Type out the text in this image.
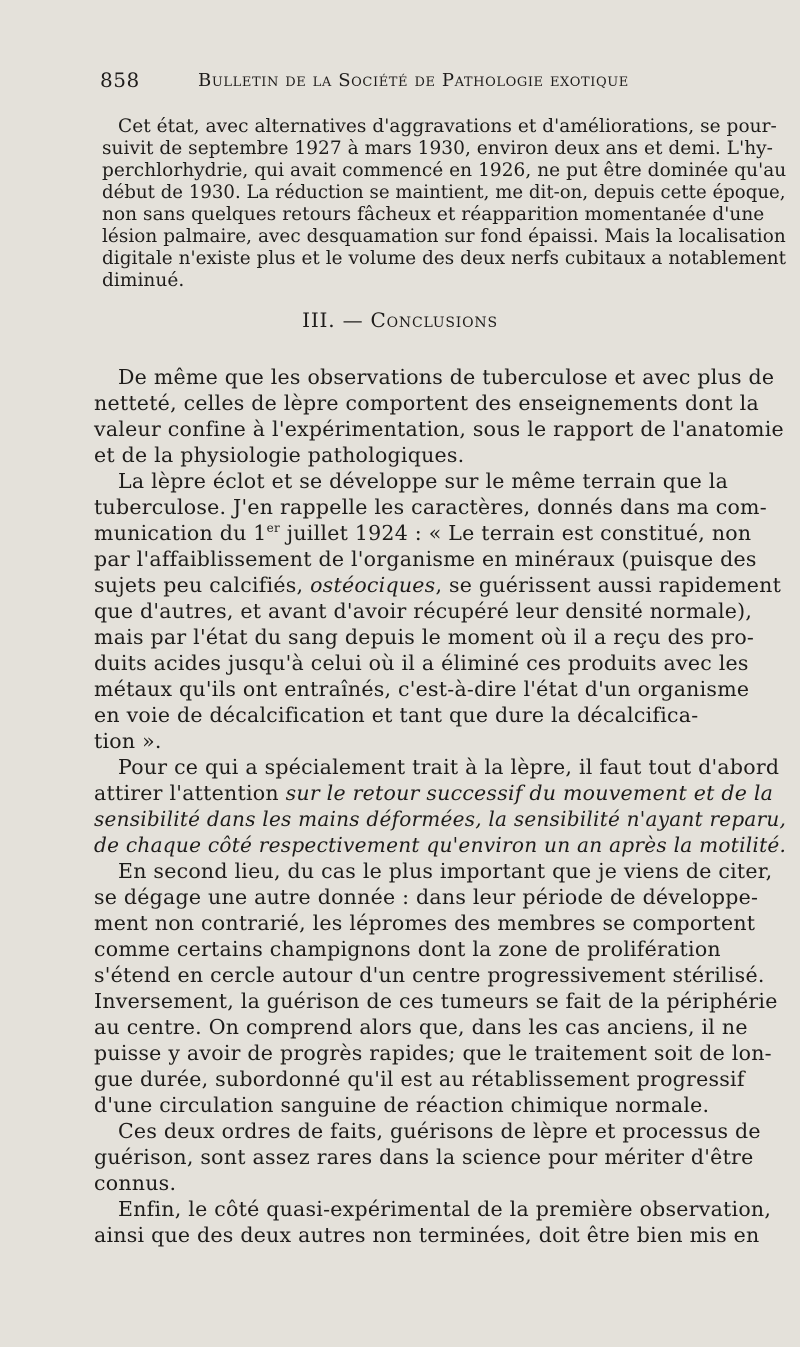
858	Bulletin de la Société de Pathologie exotique
Cet état, avec alternatives d'aggravations et d'améliorations, se pour-
suivit de septembre 1927 à mars 1930, environ deux ans et demi. L'hy-
perchlorhydrie, qui avait commencé en 1926, ne put être dominée qu'au
début de 1930. La réduction se maintient, me dit-on, depuis cette époque,
non sans quelques retours fâcheux et réapparition momentanée d'une
lésion palmaire, avec desquamation sur fond épaissi. Mais la localisation
digitale n'existe plus et le volume des deux nerfs cubitaux a notablement
diminué.
III. — Conclusions
De même que les observations de tuberculose et avec plus de
netteté, celles de lèpre comportent des enseignements dont la
valeur confine à l'expérimentation, sous le rapport de l'anatomie
et de la physiologie pathologiques.
La lèpre éclot et se développe sur le même terrain que la
tuberculose. J'en rappelle les caractères, donnés dans ma com-
munication du 1er juillet 1924 : « Le terrain est constitué, non
par l'affaiblissement de l'organisme en minéraux (puisque des
sujets peu calcifiés, ostéociques, se guérissent aussi rapidement
que d'autres, et avant d'avoir récupéré leur densité normale),
mais par l'état du sang depuis le moment où il a reçu des pro-
duits acides jusqu'à celui où il a éliminé ces produits avec les
métaux qu'ils ont entraînés, c'est-à-dire l'état d'un organisme
en voie de décalcification et tant que dure la décalcifica-
tion ».
Pour ce qui a spécialement trait à la lèpre, il faut tout d'abord
attirer l'attention sur le retour successif du mouvement et de la
sensibilité dans les mains déformées, la sensibilité n'ayant reparu,
de chaque côté respectivement qu'environ un an après la motilité.
En second lieu, du cas le plus important que je viens de citer,
se dégage une autre donnée : dans leur période de développe-
ment non contrarié, les lépromes des membres se comportent
comme certains champignons dont la zone de prolifération
s'étend en cercle autour d'un centre progressivement stérilisé.
Inversement, la guérison de ces tumeurs se fait de la périphérie
au centre. On comprend alors que, dans les cas anciens, il ne
puisse y avoir de progrès rapides; que le traitement soit de lon-
gue durée, subordonné qu'il est au rétablissement progressif
d'une circulation sanguine de réaction chimique normale.
Ces deux ordres de faits, guérisons de lèpre et processus de
guérison, sont assez rares dans la science pour mériter d'être
connus.
Enfin, le côté quasi-expérimental de la première observation,
ainsi que des deux autres non terminées, doit être bien mis en
